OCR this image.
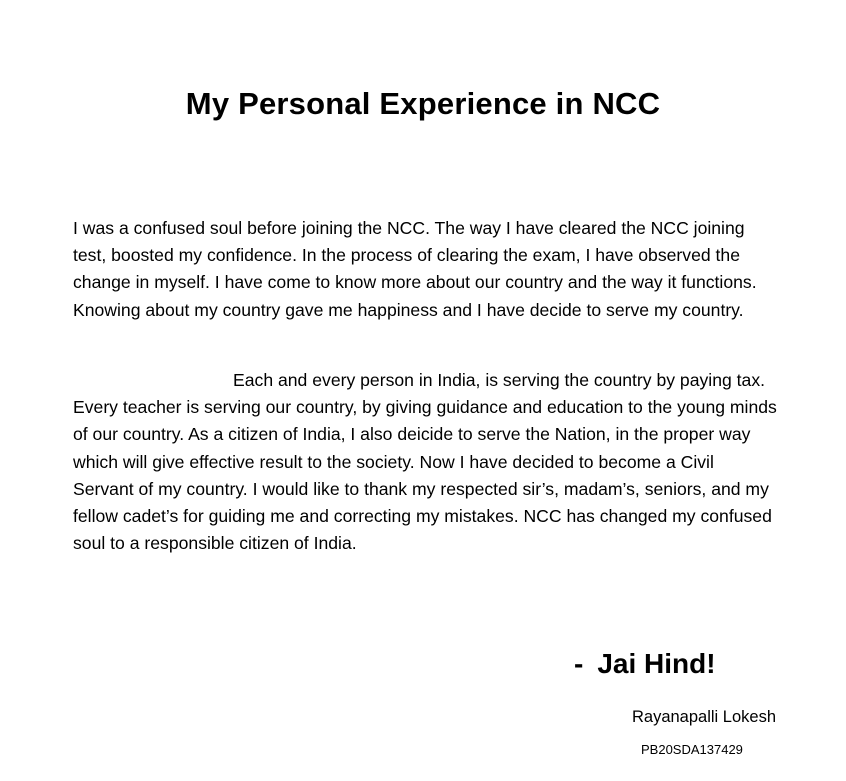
My Personal Experience in NCC

I was a confused soul before joining the NCC. The way I have cleared the NCC joining test, boosted my confidence. In the process of clearing the exam, I have observed the change in myself. I have come to know more about our country and the way it functions. Knowing about my country gave me happiness and I have decide to serve my country.

Each and every person in India, is serving the country by paying tax. Every teacher is serving our country, by giving guidance and education to the young minds of our country. As a citizen of India, I also deicide to serve the Nation, in the proper way which will give effective result to the society. Now I have decided to become a Civil Servant of my country. I would like to thank my respected sir’s, madam’s, seniors, and my fellow cadet’s for guiding me and correcting my mistakes. NCC has changed my confused soul to a responsible citizen of India.

- Jai Hind!
Rayanapalli Lokesh
PB20SDA137429
